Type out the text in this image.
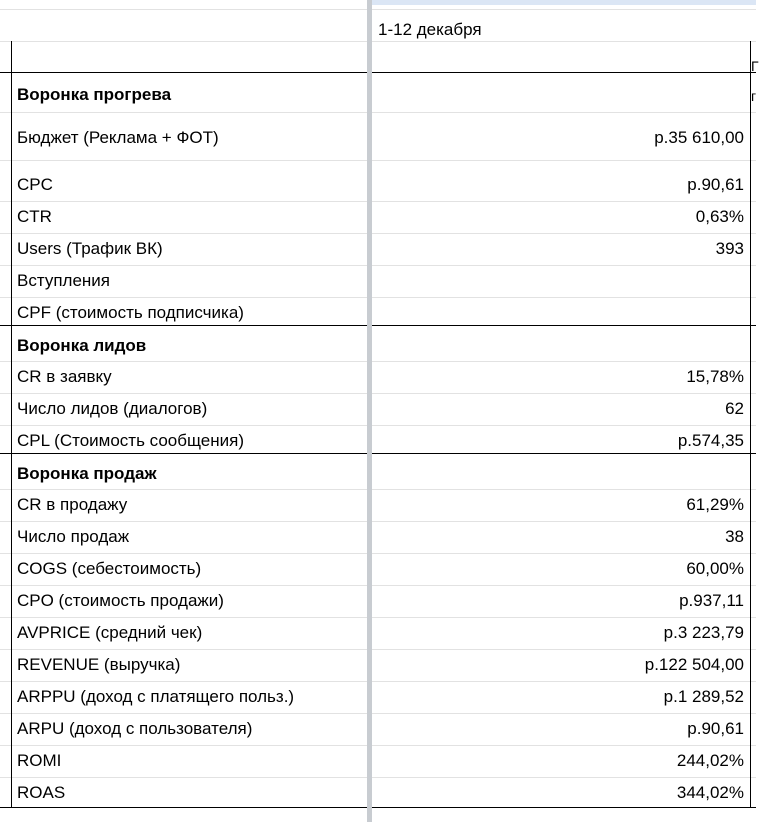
1-12 декабря
Г
г
Воронка прогрева
Бюджет (Реклама + ФОТ)	р.35 610,00
CPC	р.90,61
CTR	0,63%
Users (Трафик ВК)	393
Вступления
CPF (стоимость подписчика)
Воронка лидов
CR в заявку	15,78%
Число лидов (диалогов)	62
CPL (Стоимость сообщения)	р.574,35
Воронка продаж
CR в продажу	61,29%
Число продаж	38
COGS (себестоимость)	60,00%
CPO (стоимость продажи)	р.937,11
AVPRICE (средний чек)	р.3 223,79
REVENUE (выручка)	р.122 504,00
ARPPU (доход с платящего польз.)	р.1 289,52
ARPU (доход с пользователя)	р.90,61
ROMI	244,02%
ROAS	344,02%
